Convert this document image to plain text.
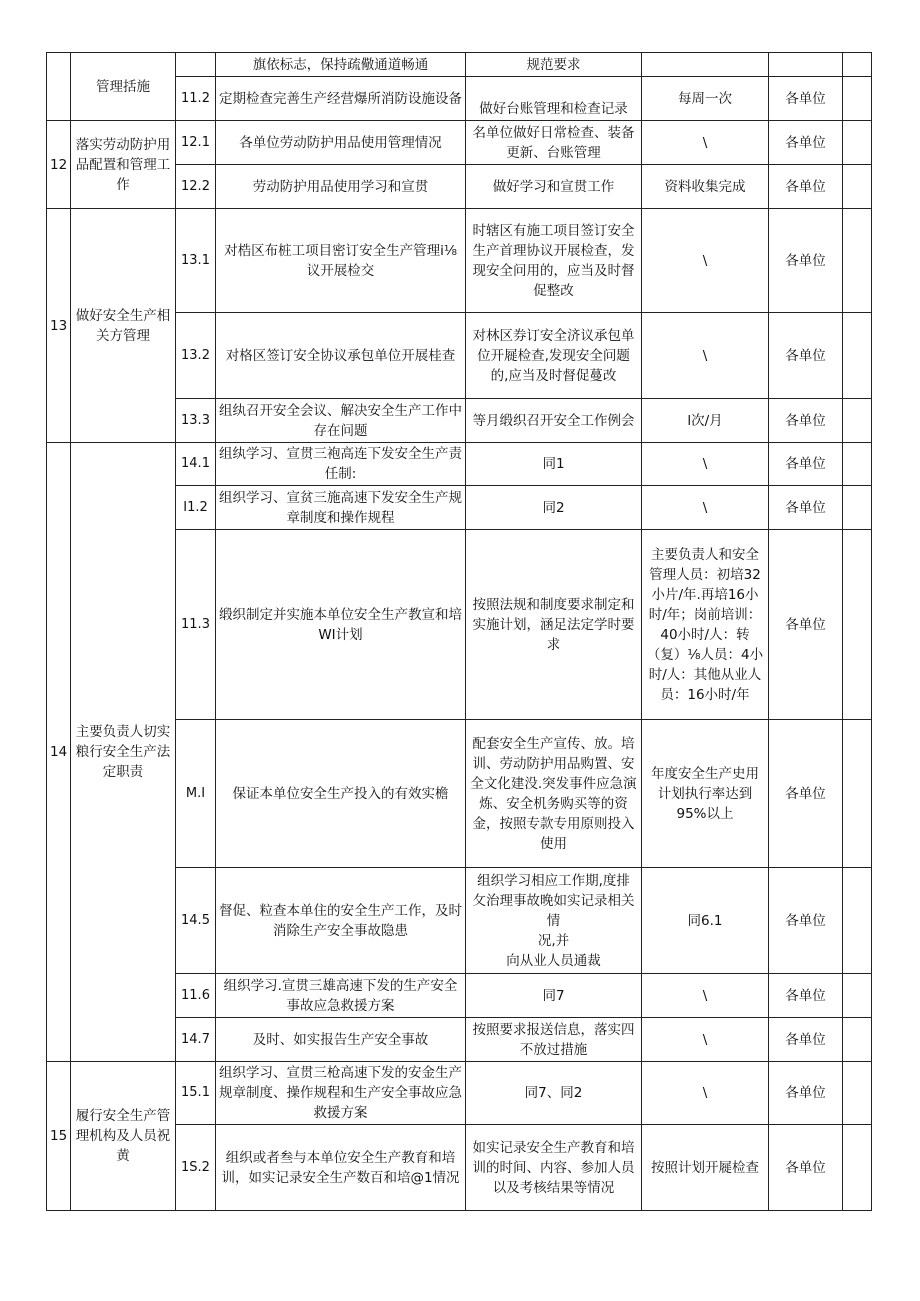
	管理括施		旗依标志，保持疏儆通道畅通	规范要求			
		11.2	定期检查完善生产经营爆所消防设施设备	做好台账管理和检查记录	每周一次	各单位	
12	落实劳动防护用品配置和管理工作	12.1	各单位劳动防护用品使用管理情况	名单位做好日常检查、装备更新、台账管理	\	各单位	
		12.2	劳动防护用品使用学习和宣贯	做好学习和宣贯工作	资料收集完成	各单位	
13	做好安全生产相关方管理	13.1	对梏区布桩工项目密订安全生产管理i⅛议开展检交	时辖区有施工项目签订安全生产首理协议开展检查，发现安全问用的，应当及时督促整改	\	各单位	
		13.2	对格区签订安全协议承包单位开展桂查	对林区券订安全济议承包单位开屣检查,发现安全问题的,应当及时督促蔓改	\	各单位	
		13.3	组纨召开安全会议、解决安全生产工作中存在问题	等月缎织召开安全工作例会	l次/月	各单位	
14	主要负责人切实粮行安全生产法定职责	14.1	组纨学习、宣贯三袍高连下发安全生产责任制:	同1	\	各单位	
		I1.2	组织学习、宣贫三施高速下发安全生产规章制度和操作规程	同2	\	各单位	
		11.3	缎织制定并实施本单位安全生产教宣和培WI计划	按照法规和制度要求制定和实施计划，涵足法定学时要求	主要负责人和安全管理人员：初培32小片/年.再培16小时/年；岗前培训：40小时/人：转（复）⅛人员：4小时/人：其他从业人员：16小时/年	各单位	
		M.I	保证本单位安全生产投入的有效实檐	配套安全生产宣传、放。培训、劳动防护用品购置、安全文化建没.突发事件应急演炼、安全机务购买等的资金，按照专款专用原则投入使用	年度安全生产史用计划执行率达到95%以上	各单位	
		14.5	督促、粒查本单住的安全生产工作，及时消除生产安全事故隐患	组织学习相应工作期,度排
攵治理事故晚如实记录相关情
况,并
向从业人员通裁	同6.1	各单位	
		11.6	组织学习.宣贯三雄高速下发的生产安全事故应急救援方案	同7	\	各单位	
		14.7	及时、如实报告生产安全事故	按照要求报送信息，落实四不放过措施	\	各单位	
15	履行安全生产管理机构及人员祝黄	15.1	组织学习、宣贯三枪高速下发的安金生产规章制度、操作规程和生产安全事故应急救援方案	同7、同2	\	各单位	
		1S.2	组织或者叁与本单位安全生产教育和培训，如实记录安全生产数百和培@1情况	如实记录安全生产教育和培训的时间、内容、参加人员以及考核结果等情况	按照计划开屣检查	各单位	
